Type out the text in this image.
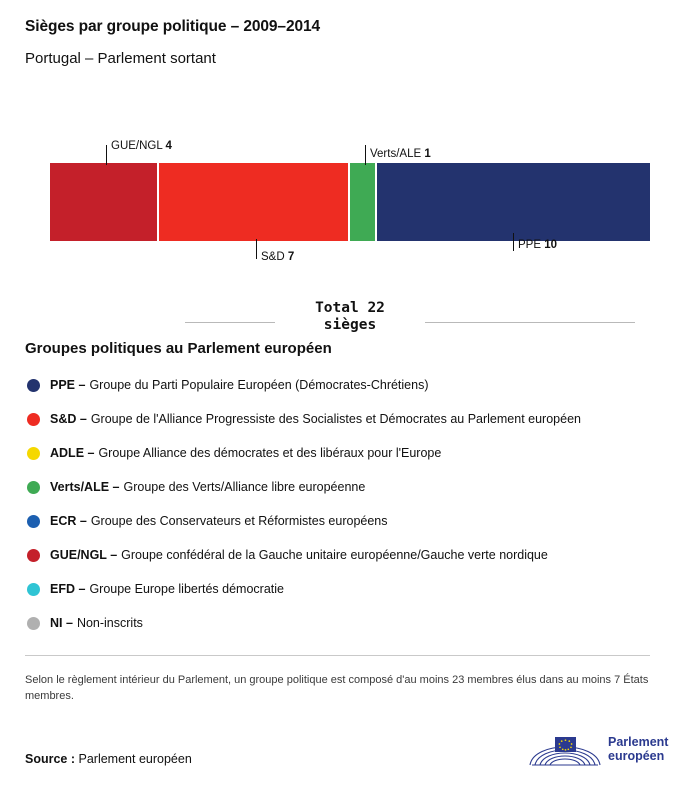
Sièges par groupe politique – 2009–2014
Portugal – Parlement sortant
GUE/NGL 4
S&D 7
Verts/ALE 1
PPE 10
Total 22
sièges
Groupes politiques au Parlement européen
PPE – Groupe du Parti Populaire Européen (Démocrates-Chrétiens)
S&D – Groupe de l'Alliance Progressiste des Socialistes et Démocrates au Parlement européen
ADLE – Groupe Alliance des démocrates et des libéraux pour l'Europe
Verts/ALE – Groupe des Verts/Alliance libre européenne
ECR – Groupe des Conservateurs et Réformistes européens
GUE/NGL – Groupe confédéral de la Gauche unitaire européenne/Gauche verte nordique
EFD – Groupe Europe libertés démocratie
NI – Non-inscrits
Selon le règlement intérieur du Parlement, un groupe politique est composé d'au moins 23 membres élus dans au moins 7 États membres.
Source : Parlement européen
Parlement
européen
